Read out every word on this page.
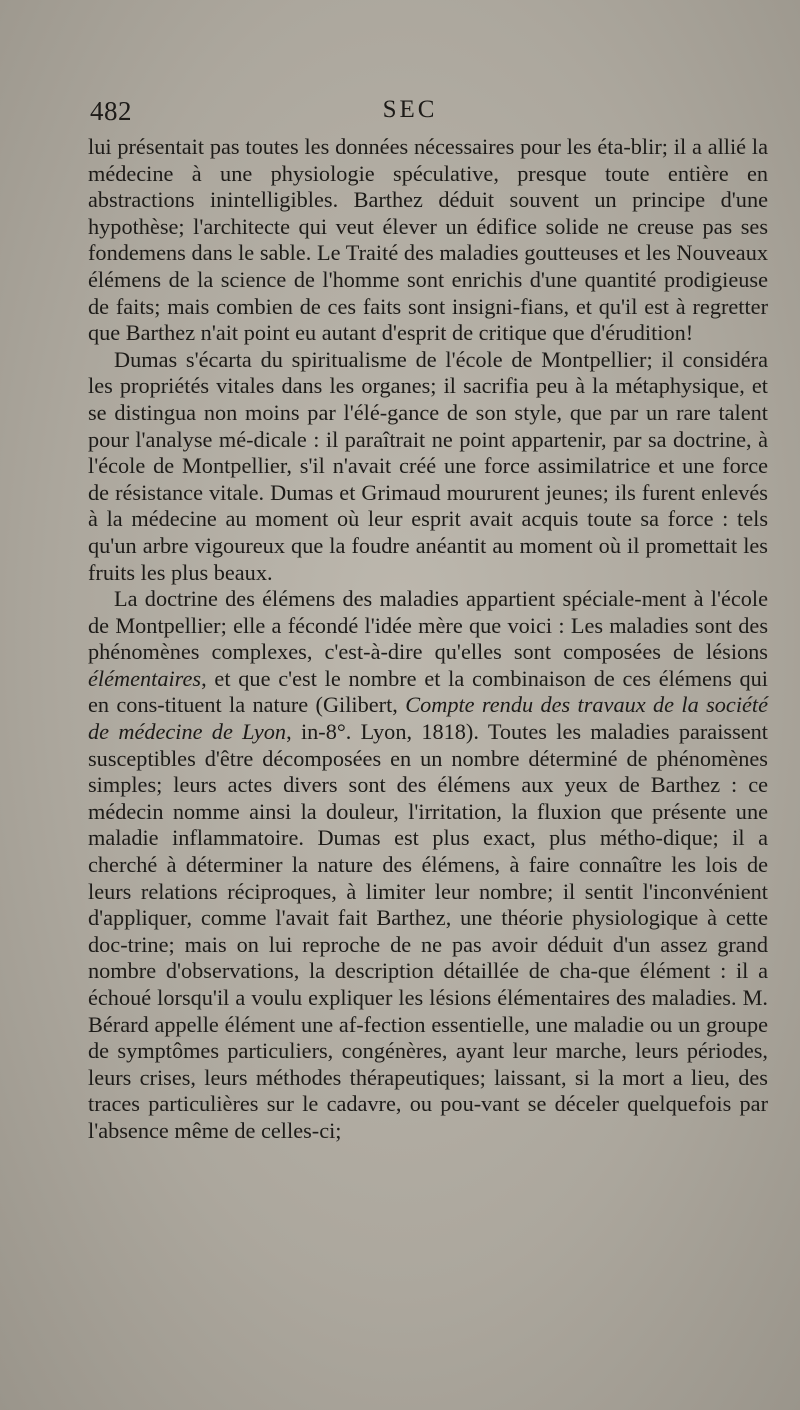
482	SEC

lui présentait pas toutes les données nécessaires pour les éta-blir; il a allié la médecine à une physiologie spéculative, presque toute entière en abstractions inintelligibles. Barthez déduit souvent un principe d'une hypothèse; l'architecte qui veut élever un édifice solide ne creuse pas ses fondemens dans le sable. Le Traité des maladies goutteuses et les Nouveaux élémens de la science de l'homme sont enrichis d'une quantité prodigieuse de faits; mais combien de ces faits sont insigni-fians, et qu'il est à regretter que Barthez n'ait point eu autant d'esprit de critique que d'érudition!

Dumas s'écarta du spiritualisme de l'école de Montpellier; il considéra les propriétés vitales dans les organes; il sacrifia peu à la métaphysique, et se distingua non moins par l'élé-gance de son style, que par un rare talent pour l'analyse mé-dicale : il paraîtrait ne point appartenir, par sa doctrine, à l'école de Montpellier, s'il n'avait créé une force assimilatrice et une force de résistance vitale. Dumas et Grimaud moururent jeunes; ils furent enlevés à la médecine au moment où leur esprit avait acquis toute sa force : tels qu'un arbre vigoureux que la foudre anéantit au moment où il promettait les fruits les plus beaux.

La doctrine des élémens des maladies appartient spéciale-ment à l'école de Montpellier; elle a fécondé l'idée mère que voici : Les maladies sont des phénomènes complexes, c'est-à-dire qu'elles sont composées de lésions élémentaires, et que c'est le nombre et la combinaison de ces élémens qui en cons-tituent la nature (Gilibert, Compte rendu des travaux de la société de médecine de Lyon, in-8°. Lyon, 1818). Toutes les maladies paraissent susceptibles d'être décomposées en un nombre déterminé de phénomènes simples; leurs actes divers sont des élémens aux yeux de Barthez : ce médecin nomme ainsi la douleur, l'irritation, la fluxion que présente une maladie inflammatoire. Dumas est plus exact, plus métho-dique; il a cherché à déterminer la nature des élémens, à faire connaître les lois de leurs relations réciproques, à limiter leur nombre; il sentit l'inconvénient d'appliquer, comme l'avait fait Barthez, une théorie physiologique à cette doc-trine; mais on lui reproche de ne pas avoir déduit d'un assez grand nombre d'observations, la description détaillée de cha-que élément : il a échoué lorsqu'il a voulu expliquer les lésions élémentaires des maladies. M. Bérard appelle élément une af-fection essentielle, une maladie ou un groupe de symptômes particuliers, congénères, ayant leur marche, leurs périodes, leurs crises, leurs méthodes thérapeutiques; laissant, si la mort a lieu, des traces particulières sur le cadavre, ou pou-vant se déceler quelquefois par l'absence même de celles-ci;
